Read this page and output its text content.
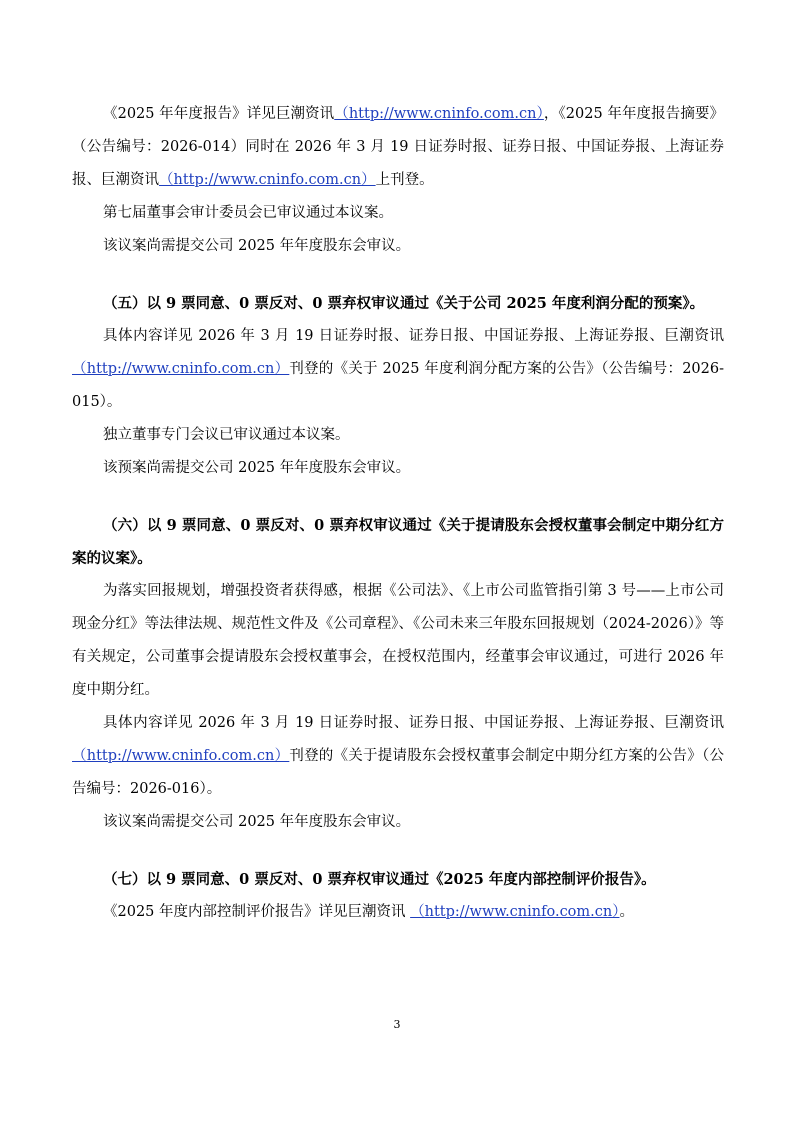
《2025 年年度报告》详见巨潮资讯（http://www.cninfo.com.cn），《2025 年年度报告摘要》（公告编号：2026-014）同时在 2026 年 3 月 19 日证券时报、证券日报、中国证券报、上海证券报、巨潮资讯（http://www.cninfo.com.cn）上刊登。

第七届董事会审计委员会已审议通过本议案。

该议案尚需提交公司 2025 年年度股东会审议。

（五）以 9 票同意、0 票反对、0 票弃权审议通过《关于公司 2025 年度利润分配的预案》。

具体内容详见 2026 年 3 月 19 日证券时报、证券日报、中国证券报、上海证券报、巨潮资讯（http://www.cninfo.com.cn）刊登的《关于 2025 年度利润分配方案的公告》（公告编号：2026-015）。

独立董事专门会议已审议通过本议案。

该预案尚需提交公司 2025 年年度股东会审议。

（六）以 9 票同意、0 票反对、0 票弃权审议通过《关于提请股东会授权董事会制定中期分红方案的议案》。

为落实回报规划，增强投资者获得感，根据《公司法》、《上市公司监管指引第 3 号——上市公司现金分红》等法律法规、规范性文件及《公司章程》、《公司未来三年股东回报规划（2024-2026）》等有关规定，公司董事会提请股东会授权董事会，在授权范围内，经董事会审议通过，可进行 2026 年度中期分红。

具体内容详见 2026 年 3 月 19 日证券时报、证券日报、中国证券报、上海证券报、巨潮资讯（http://www.cninfo.com.cn）刊登的《关于提请股东会授权董事会制定中期分红方案的公告》（公告编号：2026-016）。

该议案尚需提交公司 2025 年年度股东会审议。

（七）以 9 票同意、0 票反对、0 票弃权审议通过《2025 年度内部控制评价报告》。

《2025 年度内部控制评价报告》详见巨潮资讯 （http://www.cninfo.com.cn）。

3
